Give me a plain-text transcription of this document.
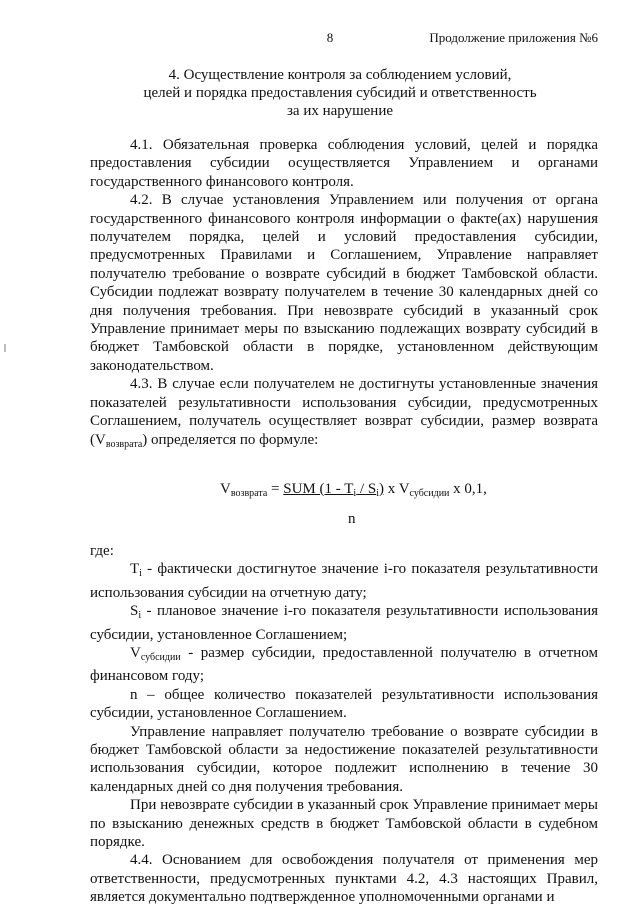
8	Продолжение приложения №6
4. Осуществление контроля за соблюдением условий,
целей и порядка предоставления субсидий и ответственность
за их нарушение

4.1. Обязательная проверка соблюдения условий, целей и порядка предоставления субсидии осуществляется Управлением и органами государственного финансового контроля.

4.2. В случае установления Управлением или получения от органа государственного финансового контроля информации о факте(ах) нарушения получателем порядка, целей и условий предоставления субсидии, предусмотренных Правилами и Соглашением, Управление направляет получателю требование о возврате субсидий в бюджет Тамбовской области. Субсидии подлежат возврату получателем в течение 30 календарных дней со дня получения требования. При невозврате субсидий в указанный срок Управление принимает меры по взысканию подлежащих возврату субсидий в бюджет Тамбовской области в порядке, установленном действующим законодательством.

4.3. В случае если получателем не достигнуты установленные значения показателей результативности использования субсидии, предусмотренных Соглашением, получатель осуществляет возврат субсидии, размер возврата $(V_{возврата})$ определяется по формуле:

$V_{возврата}$ = SUM $(1 - T_i / S_i)$ x $V_{субсидии}$ x 0,1,
n

где:

$T_i$ - фактически достигнутое значение i-го показателя результативности использования субсидии на отчетную дату;

$S_i$ - плановое значение i-го показателя результативности использования субсидии, установленное Соглашением;

$V_{субсидии}$ - размер субсидии, предоставленной получателю в отчетном финансовом году;

n – общее количество показателей результативности использования субсидии, установленное Соглашением.

Управление направляет получателю требование о возврате субсидии в бюджет Тамбовской области за недостижение показателей результативности использования субсидии, которое подлежит исполнению в течение 30 календарных дней со дня получения требования.

При невозврате субсидии в указанный срок Управление принимает меры по взысканию денежных средств в бюджет Тамбовской области в судебном порядке.

4.4. Основанием для освобождения получателя от применения мер ответственности, предусмотренных пунктами 4.2, 4.3 настоящих Правил, является документально подтвержденное уполномоченными органами и
